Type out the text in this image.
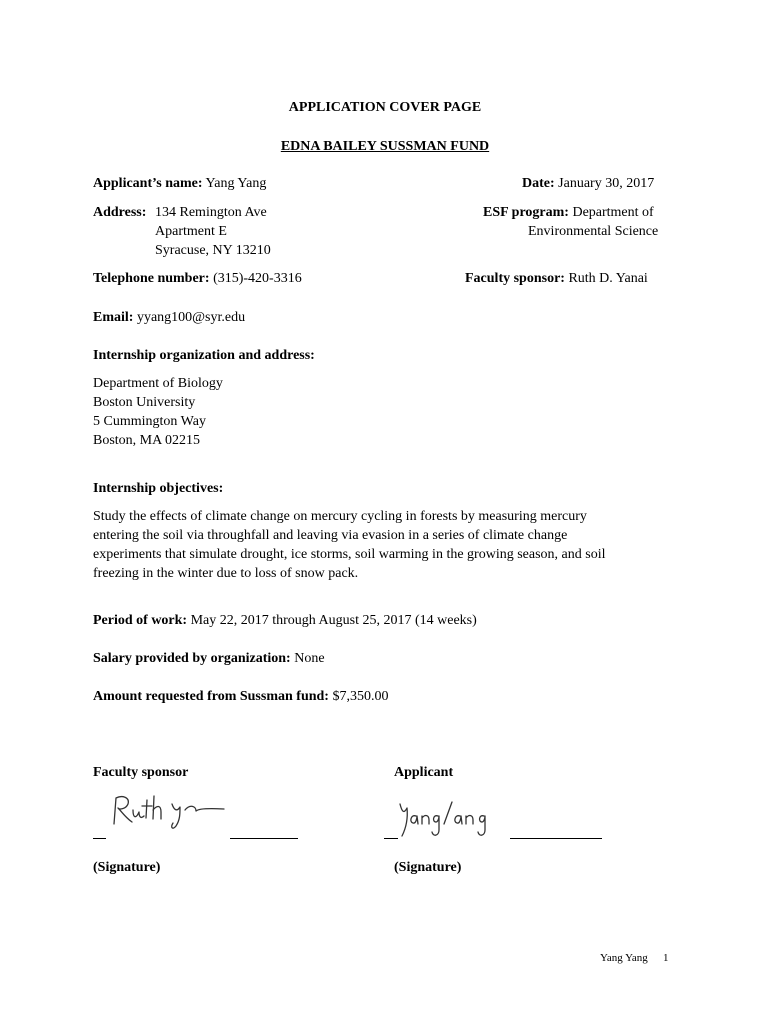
APPLICATION COVER PAGE
EDNA BAILEY SUSSMAN FUND
Applicant’s name: Yang Yang	Date: January 30, 2017
Address: 134 Remington Ave
Apartment E
Syracuse, NY 13210
ESF program: Department of
Environmental Science
Telephone number: (315)-420-3316	Faculty sponsor: Ruth D. Yanai
Email: yyang100@syr.edu
Internship organization and address:
Department of Biology
Boston University
5 Cummington Way
Boston, MA 02215
Internship objectives:
Study the effects of climate change on mercury cycling in forests by measuring mercury
entering the soil via throughfall and leaving via evasion in a series of climate change
experiments that simulate drought, ice storms, soil warming in the growing season, and soil
freezing in the winter due to loss of snow pack.
Period of work: May 22, 2017 through August 25, 2017 (14 weeks)
Salary provided by organization: None
Amount requested from Sussman fund: $7,350.00
Faculty sponsor	Applicant
(Signature)	(Signature)
Yang Yang 1
